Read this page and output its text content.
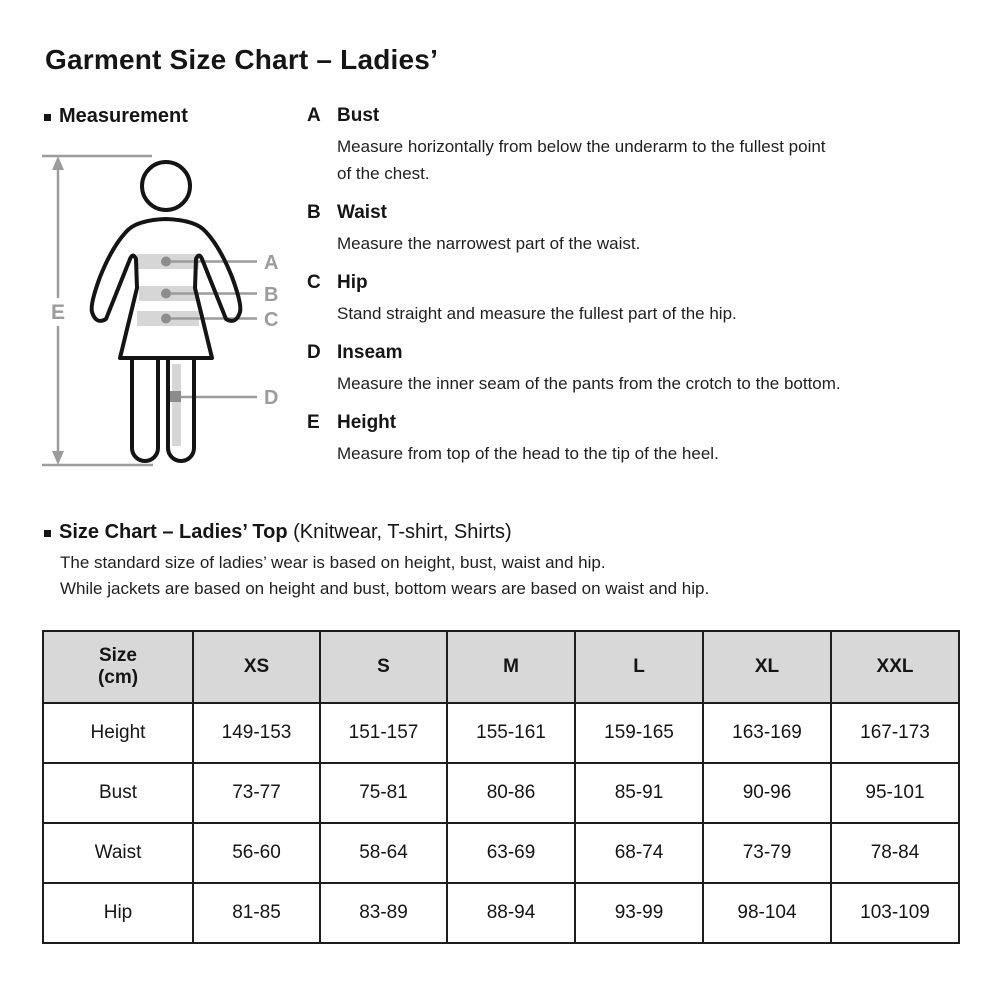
Garment Size Chart – Ladies’
Measurement
E
A
B
C
D
A Bust
Measure horizontally from below the underarm to the fullest point
of the chest.
B Waist
Measure the narrowest part of the waist.
C Hip
Stand straight and measure the fullest part of the hip.
D Inseam
Measure the inner seam of the pants from the crotch to the bottom.
E Height
Measure from top of the head to the tip of the heel.
Size Chart – Ladies’ Top (Knitwear, T-shirt, Shirts)
The standard size of ladies’ wear is based on height, bust, waist and hip.
While jackets are based on height and bust, bottom wears are based on waist and hip.
Size
(cm)	XS	S	M	L	XL	XXL
Height	149-153	151-157	155-161	159-165	163-169	167-173
Bust	73-77	75-81	80-86	85-91	90-96	95-101
Waist	56-60	58-64	63-69	68-74	73-79	78-84
Hip	81-85	83-89	88-94	93-99	98-104	103-109
